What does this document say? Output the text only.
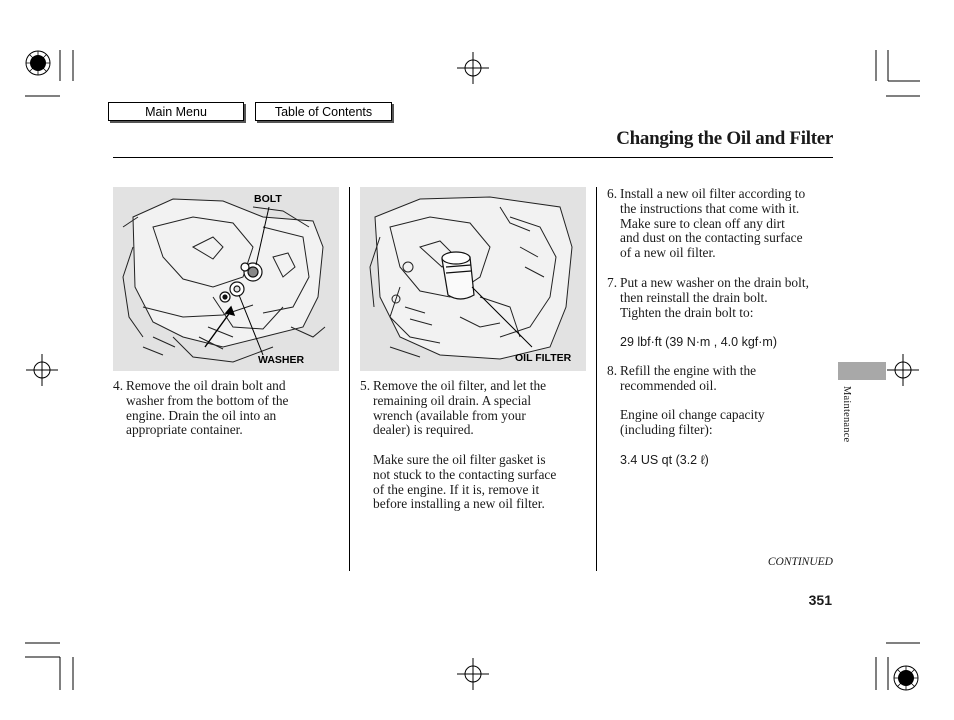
Main Menu	Table of Contents
Changing the Oil and Filter
BOLT
WASHER	OIL FILTER
4. Remove the oil drain bolt and
washer from the bottom of the
engine. Drain the oil into an
appropriate container.
5. Remove the oil filter, and let the
remaining oil drain. A special
wrench (available from your
dealer) is required.
Make sure the oil filter gasket is
not stuck to the contacting surface
of the engine. If it is, remove it
before installing a new oil filter.
6. Install a new oil filter according to
the instructions that come with it.
Make sure to clean off any dirt
and dust on the contacting surface
of a new oil filter.
7. Put a new washer on the drain bolt,
then reinstall the drain bolt.
Tighten the drain bolt to:
29 lbf·ft (39 N·m , 4.0 kgf·m)
8. Refill the engine with the
recommended oil.
Engine oil change capacity
(including filter):
3.4 US qt (3.2 ℓ)
CONTINUED
351
Maintenance
